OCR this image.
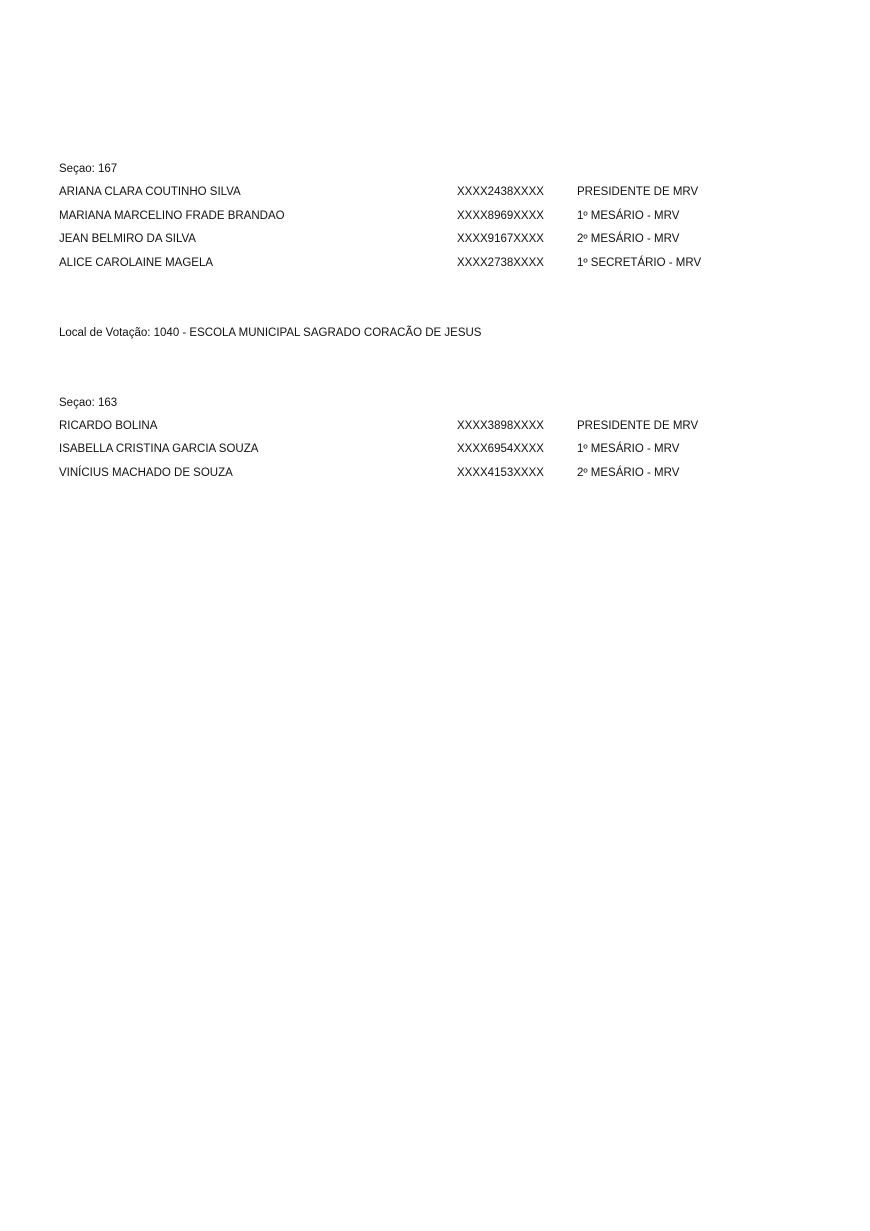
Seçao: 167
ARIANA CLARA COUTINHO SILVA	XXXX2438XXXX	PRESIDENTE DE MRV
MARIANA MARCELINO FRADE BRANDAO	XXXX8969XXXX	1º MESÁRIO - MRV
JEAN BELMIRO DA SILVA	XXXX9167XXXX	2º MESÁRIO - MRV
ALICE CAROLAINE MAGELA	XXXX2738XXXX	1º SECRETÁRIO - MRV
Local de Votação: 1040 - ESCOLA MUNICIPAL SAGRADO CORACÃO DE JESUS
Seçao: 163
RICARDO BOLINA	XXXX3898XXXX	PRESIDENTE DE MRV
ISABELLA CRISTINA GARCIA SOUZA	XXXX6954XXXX	1º MESÁRIO - MRV
VINÍCIUS MACHADO DE SOUZA	XXXX4153XXXX	2º MESÁRIO - MRV
